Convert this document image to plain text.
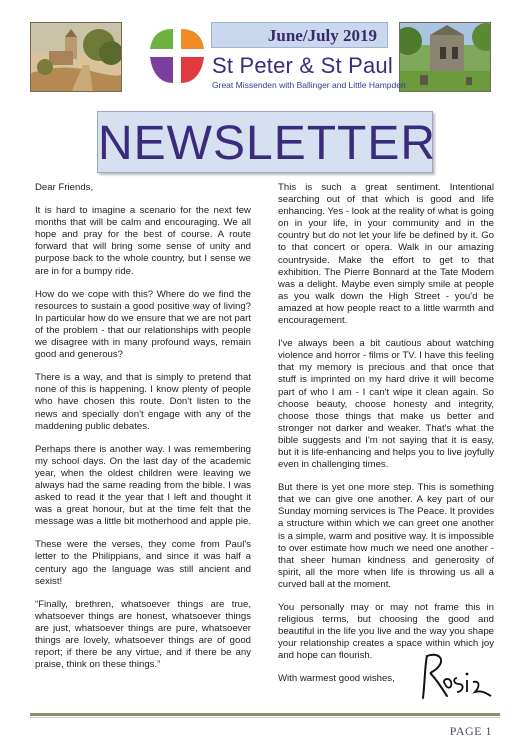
June/July 2019
St Peter & St Paul
Great Missenden with Ballinger and Little Hampden
NEWSLETTER

Dear Friends,

It is hard to imagine a scenario for the next few months that will be calm and encouraging. We all hope and pray for the best of course. A route forward that will bring some sense of unity and purpose back to the whole country, but I sense we are in for a bumpy ride.

How do we cope with this? Where do we find the resources to sustain a good positive way of living? In particular how do we ensure that we are not part of the problem - that our relationships with people we disagree with in many profound ways, remain good and generous?

There is a way, and that is simply to pretend that none of this is happening. I know plenty of people who have chosen this route. Don't listen to the news and specially don't engage with any of the maddening public debates.

Perhaps there is another way. I was remembering my school days. On the last day of the academic year, when the oldest children were leaving we always had the same reading from the bible. I was asked to read it the year that I left and thought it was a great honour, but at the time felt that the message was a little bit motherhood and apple pie.

These were the verses, they come from Paul's letter to the Philippians, and since it was half a century ago the language was still ancient and sexist!

“Finally, brethren, whatsoever things are true, whatsoever things are honest, whatsoever things are just, whatsoever things are pure, whatsoever things are lovely, whatsoever things are of good report; if there be any virtue, and if there be any praise, think on these things.”

This is such a great sentiment. Intentional searching out of that which is good and life enhancing. Yes - look at the reality of what is going on in your life, in your community and in the country but do not let your life be defined by it. Go to that concert or opera. Walk in our amazing countryside. Make the effort to get to that exhibition. The Pierre Bonnard at the Tate Modern was a delight. Maybe even simply smile at people as you walk down the High Street - you'd be amazed at how people react to a little warmth and encouragement.

I've always been a bit cautious about watching violence and horror - films or TV. I have this feeling that my memory is precious and that once that stuff is imprinted on my hard drive it will become part of who I am - I can't wipe it clean again. So choose beauty, choose honesty and integrity, choose those things that make us better and stronger not darker and weaker. That's what the bible suggests and I'm not saying that it is easy, but it is life-enhancing and helps you to live joyfully even in challenging times.

But there is yet one more step. This is something that we can give one another. A key part of our Sunday morning services is The Peace. It provides a structure within which we can greet one another is a simple, warm and positive way. It is impossible to over estimate how much we need one another -that sheer human kindness and generosity of spirit, all the more when life is throwing us all a curved ball at the moment.

You personally may or may not frame this in religious terms, but choosing the good and beautiful in the life you live and the way you shape your relationship creates a space within which joy and hope can flourish.

With warmest good wishes,

PAGE 1
